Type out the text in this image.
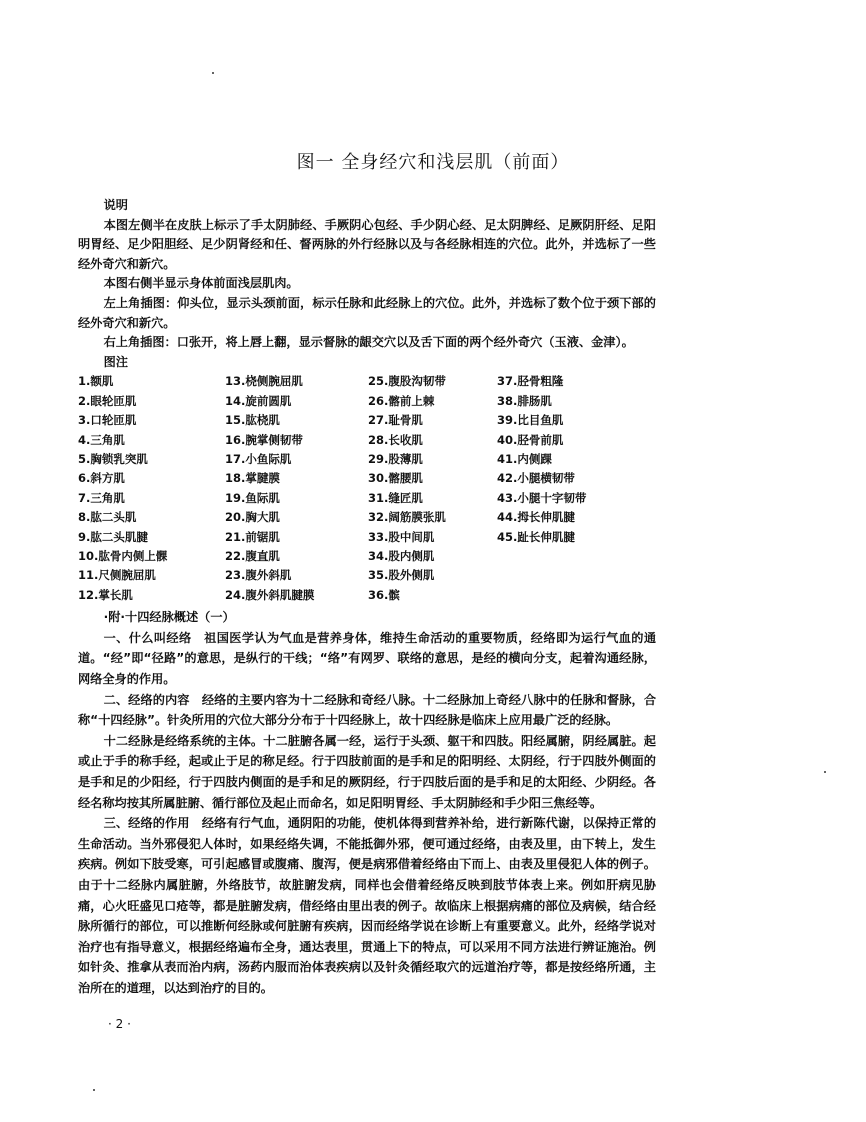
图一 全身经穴和浅层肌（前面）
说明

本图左侧半在皮肤上标示了手太阴肺经、手厥阴心包经、手少阴心经、足太阴脾经、足厥阴肝经、足阳明胃经、足少阳胆经、足少阴肾经和任、督两脉的外行经脉以及与各经脉相连的穴位。此外，并选标了一些经外奇穴和新穴。

本图右侧半显示身体前面浅层肌肉。

左上角插图：仰头位，显示头颈前面，标示任脉和此经脉上的穴位。此外，并选标了数个位于颈下部的经外奇穴和新穴。

右上角插图：口张开，将上唇上翻，显示督脉的龈交穴以及舌下面的两个经外奇穴（玉液、金津）。

图注
1.额肌
2.眼轮匝肌
3.口轮匝肌
4.三角肌
5.胸锁乳突肌
6.斜方肌
7.三角肌
8.肱二头肌
9.肱二头肌腱
10.肱骨内侧上髁
11.尺侧腕屈肌
12.掌长肌
13.桡侧腕屈肌
14.旋前圆肌
15.肱桡肌
16.腕掌侧韧带
17.小鱼际肌
18.掌腱膜
19.鱼际肌
20.胸大肌
21.前锯肌
22.腹直肌
23.腹外斜肌
24.腹外斜肌腱膜
25.腹股沟韧带
26.髂前上棘
27.耻骨肌
28.长收肌
29.股薄肌
30.髂腰肌
31.缝匠肌
32.阔筋膜张肌
33.股中间肌
34.股内侧肌
35.股外侧肌
36.髌
37.胫骨粗隆
38.腓肠肌
39.比目鱼肌
40.胫骨前肌
41.内侧踝
42.小腿横韧带
43.小腿十字韧带
44.拇长伸肌腱
45.趾长伸肌腱
·附·十四经脉概述（一）

一、什么叫经络　 祖国医学认为气血是营养身体，维持生命活动的重要物质，经络即为运行气血的通道。“经”即“径路”的意思，是纵行的干线；“络”有网罗、联络的意思，是经的横向分支，起着沟通经脉，网络全身的作用。

二、经络的内容　 经络的主要内容为十二经脉和奇经八脉。十二经脉加上奇经八脉中的任脉和督脉，合称“十四经脉”。针灸所用的穴位大部分分布于十四经脉上，故十四经脉是临床上应用最广泛的经脉。

十二经脉是经络系统的主体。十二脏腑各属一经，运行于头颈、躯干和四肢。阳经属腑，阴经属脏。起或止于手的称手经，起或止于足的称足经。行于四肢前面的是手和足的阳明经、太阴经，行于四肢外侧面的是手和足的少阳经，行于四肢内侧面的是手和足的厥阴经，行于四肢后面的是手和足的太阳经、少阴经。各经名称均按其所属脏腑、循行部位及起止而命名，如足阳明胃经、手太阴肺经和手少阳三焦经等。

三、经络的作用　 经络有行气血，通阴阳的功能，使机体得到营养补给，进行新陈代谢，以保持正常的生命活动。当外邪侵犯人体时，如果经络失调，不能抵御外邪，便可通过经络，由表及里，由下转上，发生疾病。例如下肢受寒，可引起感冒或腹痛、腹泻，便是病邪借着经络由下而上、由表及里侵犯人体的例子。由于十二经脉内属脏腑，外络肢节，故脏腑发病，同样也会借着经络反映到肢节体表上来。例如肝病见胁痛，心火旺盛见口疮等，都是脏腑发病，借经络由里出表的例子。故临床上根据病痛的部位及病候，结合经脉所循行的部位，可以推断何经脉或何脏腑有疾病，因而经络学说在诊断上有重要意义。此外，经络学说对治疗也有指导意义，根据经络遍布全身，通达表里，贯通上下的特点，可以采用不同方法进行辨证施治。例如针灸、推拿从表而治内病，汤药内服而治体表疾病以及针灸循经取穴的远道治疗等，都是按经络所通，主治所在的道理，以达到治疗的目的。

· 2 ·
